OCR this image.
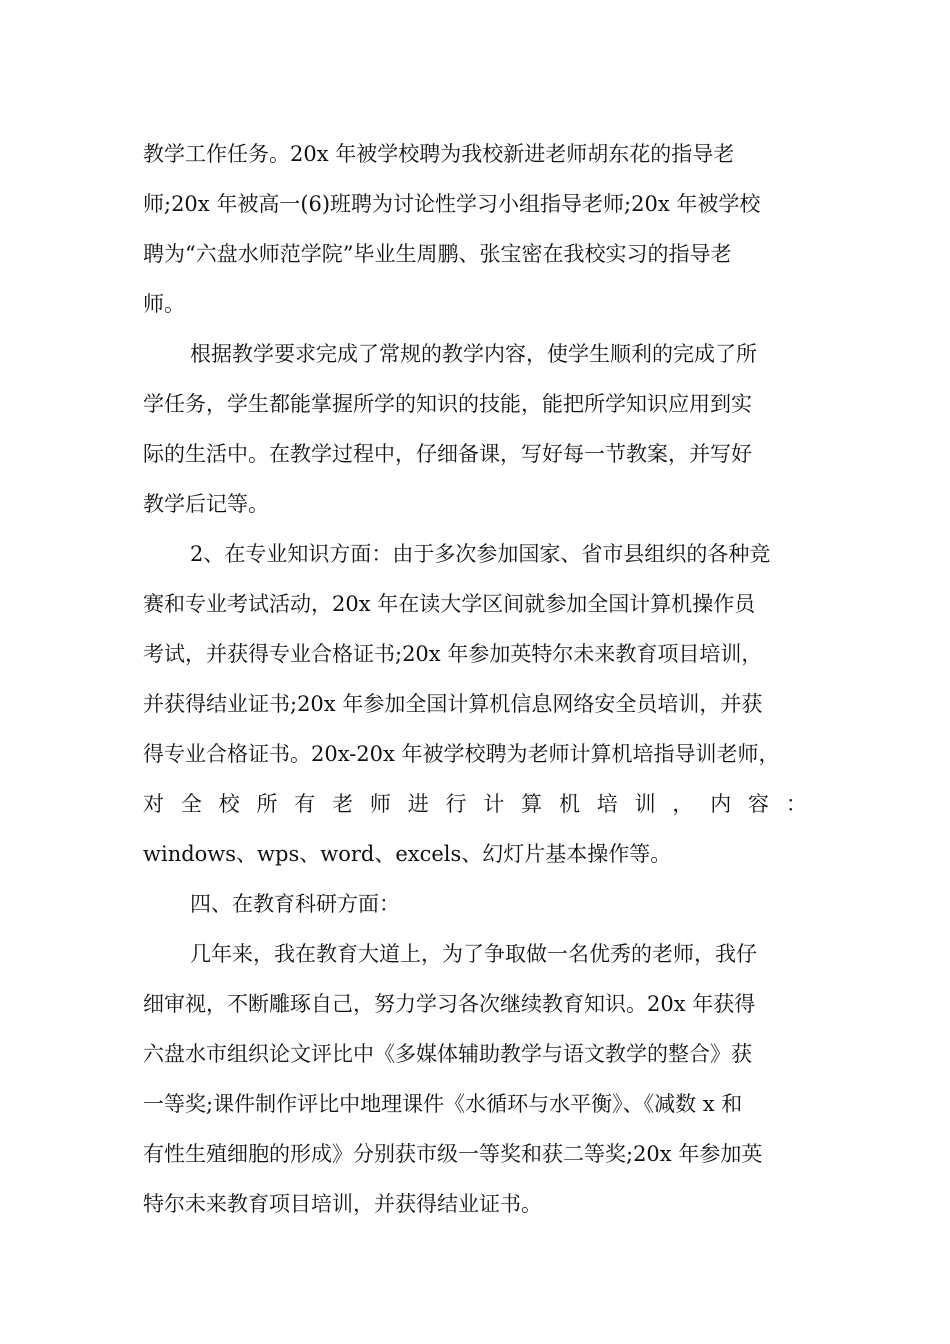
教学工作任务。20x 年被学校聘为我校新进老师胡东花的指导老
师;20x 年被高一(6)班聘为讨论性学习小组指导老师;20x 年被学校
聘为“六盘水师范学院”毕业生周鹏、张宝密在我校实习的指导老
师。
根据教学要求完成了常规的教学内容，使学生顺利的完成了所
学任务，学生都能掌握所学的知识的技能，能把所学知识应用到实
际的生活中。在教学过程中，仔细备课，写好每一节教案，并写好
教学后记等。
2、在专业知识方面：由于多次参加国家、省市县组织的各种竞
赛和专业考试活动，20x 年在读大学区间就参加全国计算机操作员
考试，并获得专业合格证书;20x 年参加英特尔未来教育项目培训，
并获得结业证书;20x 年参加全国计算机信息网络安全员培训，并获
得专业合格证书。20x-20x 年被学校聘为老师计算机培指导训老师，
对 全 校 所 有 老 师 进 行 计 算 机 培 训 ， 内 容 ：
windows、wps、word、excels、幻灯片基本操作等。
四、在教育科研方面：
几年来，我在教育大道上，为了争取做一名优秀的老师，我仔
细审视，不断雕琢自己，努力学习各次继续教育知识。20x 年获得
六盘水市组织论文评比中《多媒体辅助教学与语文教学的整合》获
一等奖;课件制作评比中地理课件《水循环与水平衡》、《减数 x 和
有性生殖细胞的形成》分别获市级一等奖和获二等奖;20x 年参加英
特尔未来教育项目培训，并获得结业证书。
